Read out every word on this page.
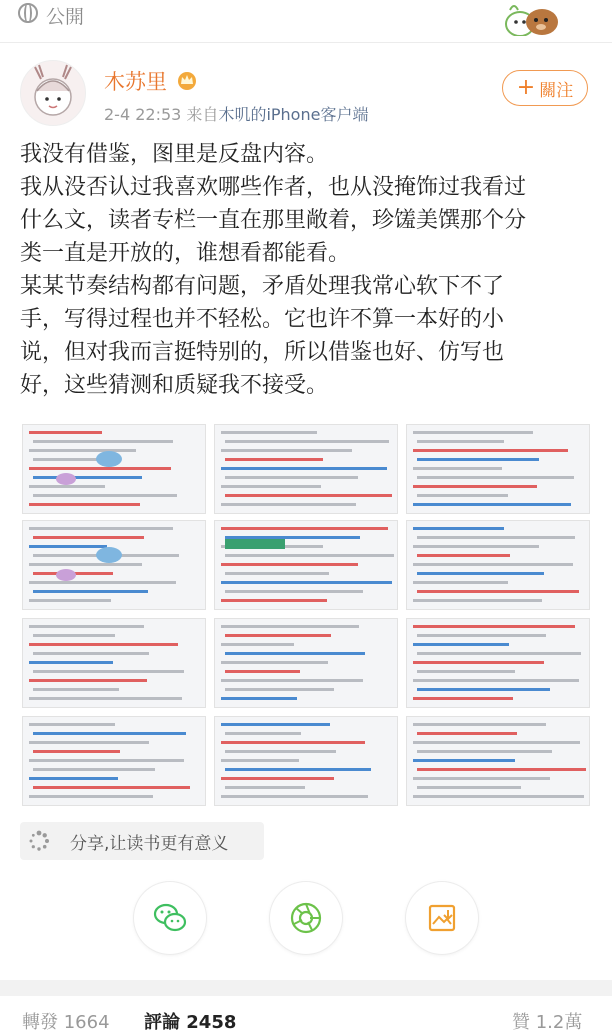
公開
木苏里
2-4 22:53 来自木叽的iPhone客户端
+ 關注
我没有借鉴，图里是反盘内容。
我从没否认过我喜欢哪些作者，也从没掩饰过我看过
什么文，读者专栏一直在那里敞着，珍馐美馔那个分
类一直是开放的，谁想看都能看。
某某节奏结构都有问题，矛盾处理我常心软下不了
手，写得过程也并不轻松。它也许不算一本好的小
说，但对我而言挺特别的，所以借鉴也好、仿写也
好，这些猜测和质疑我不接受。
分享,让读书更有意义
轉發 1664 評論 2458	贊 1.2萬
